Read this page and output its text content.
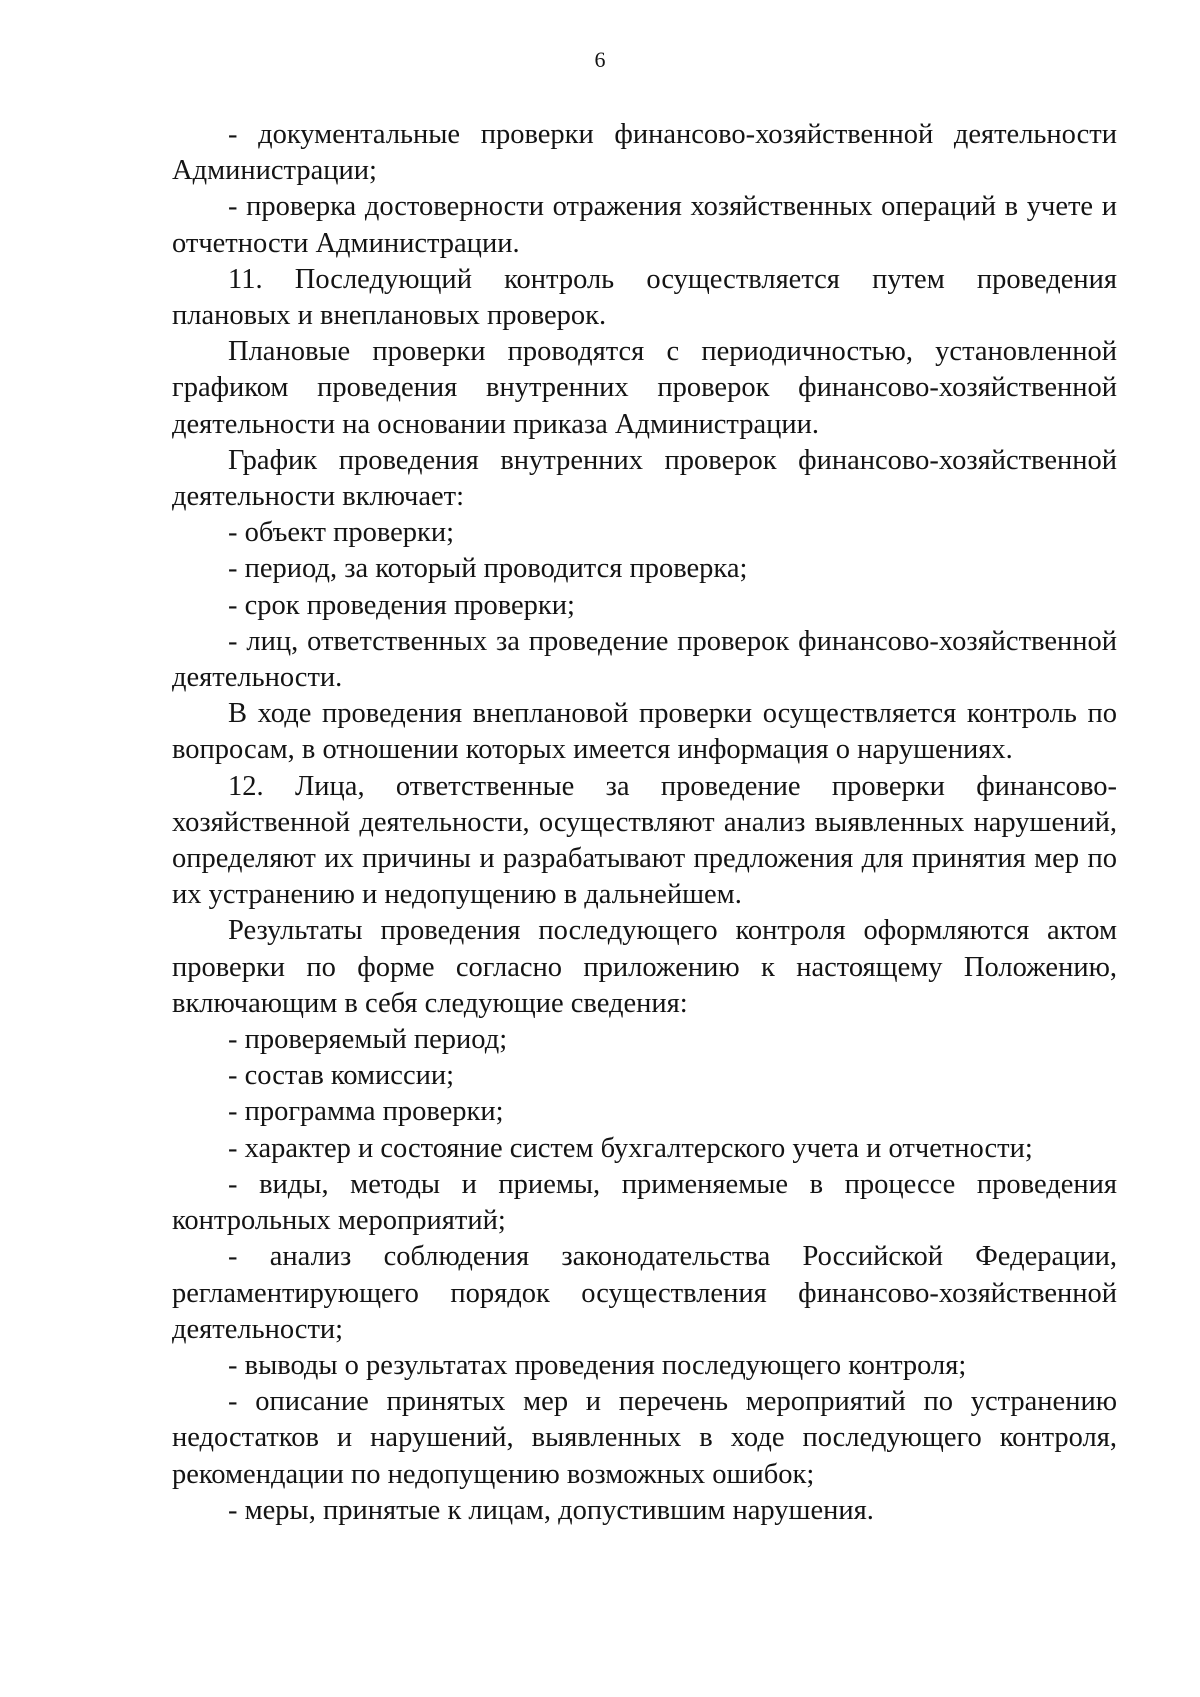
6

- документальные проверки финансово-хозяйственной деятельности Администрации;

- проверка достоверности отражения хозяйственных операций в учете и отчетности Администрации.

11. Последующий контроль осуществляется путем проведения плановых и внеплановых проверок.

Плановые проверки проводятся с периодичностью, установленной графиком проведения внутренних проверок финансово-хозяйственной деятельности на основании приказа Администрации.

График проведения внутренних проверок финансово-хозяйственной деятельности включает:

- объект проверки;

- период, за который проводится проверка;

- срок проведения проверки;

- лиц, ответственных за проведение проверок финансово-хозяйственной деятельности.

В ходе проведения внеплановой проверки осуществляется контроль по вопросам, в отношении которых имеется информация о нарушениях.

12. Лица, ответственные за проведение проверки финансово-хозяйственной деятельности, осуществляют анализ выявленных нарушений, определяют их причины и разрабатывают предложения для принятия мер по их устранению и недопущению в дальнейшем.

Результаты проведения последующего контроля оформляются актом проверки по форме согласно приложению к настоящему Положению, включающим в себя следующие сведения:

- проверяемый период;

- состав комиссии;

- программа проверки;

- характер и состояние систем бухгалтерского учета и отчетности;

- виды, методы и приемы, применяемые в процессе проведения контрольных мероприятий;

- анализ соблюдения законодательства Российской Федерации, регламентирующего порядок осуществления финансово-хозяйственной деятельности;

- выводы о результатах проведения последующего контроля;

- описание принятых мер и перечень мероприятий по устранению недостатков и нарушений, выявленных в ходе последующего контроля, рекомендации по недопущению возможных ошибок;

- меры, принятые к лицам, допустившим нарушения.
